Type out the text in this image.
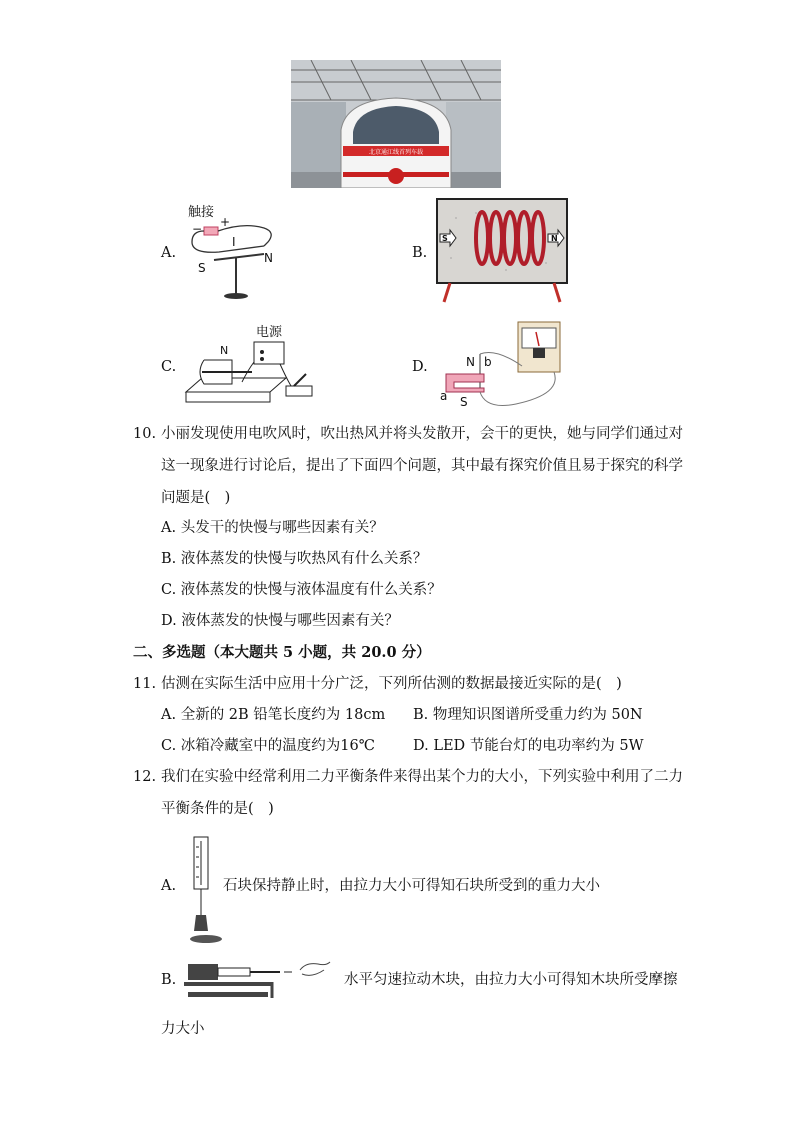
北京通江线首列车载
A.
触接
+
−
I
S
N	B.
S	N
C.
电源
N
D.	N b
a S
10. 小丽发现使用电吹风时，吹出热风并将头发散开，会干的更快，她与同学们通过对
这一现象进行讨论后，提出了下面四个问题，其中最有探究价值且易于探究的科学
问题是(　)
A. 头发干的快慢与哪些因素有关？
B. 液体蒸发的快慢与吹热风有什么关系？
C. 液体蒸发的快慢与液体温度有什么关系？
D. 液体蒸发的快慢与哪些因素有关？
二、多选题（本大题共 5 小题，共 20.0 分）
11. 估测在实际生活中应用十分广泛，下列所估测的数据最接近实际的是(　)
A. 全新的 2B 铅笔长度约为 18cm B. 物理知识图谱所受重力约为 50N
C. 冰箱冷藏室中的温度约为16℃	D. LED 节能台灯的电功率约为 5W
12. 我们在实验中经常利用二力平衡条件来得出某个力的大小，下列实验中利用了二力
平衡条件的是(　)
A.	石块保持静止时，由拉力大小可得知石块所受到的重力大小
B.	水平匀速拉动木块，由拉力大小可得知木块所受摩擦
力大小
